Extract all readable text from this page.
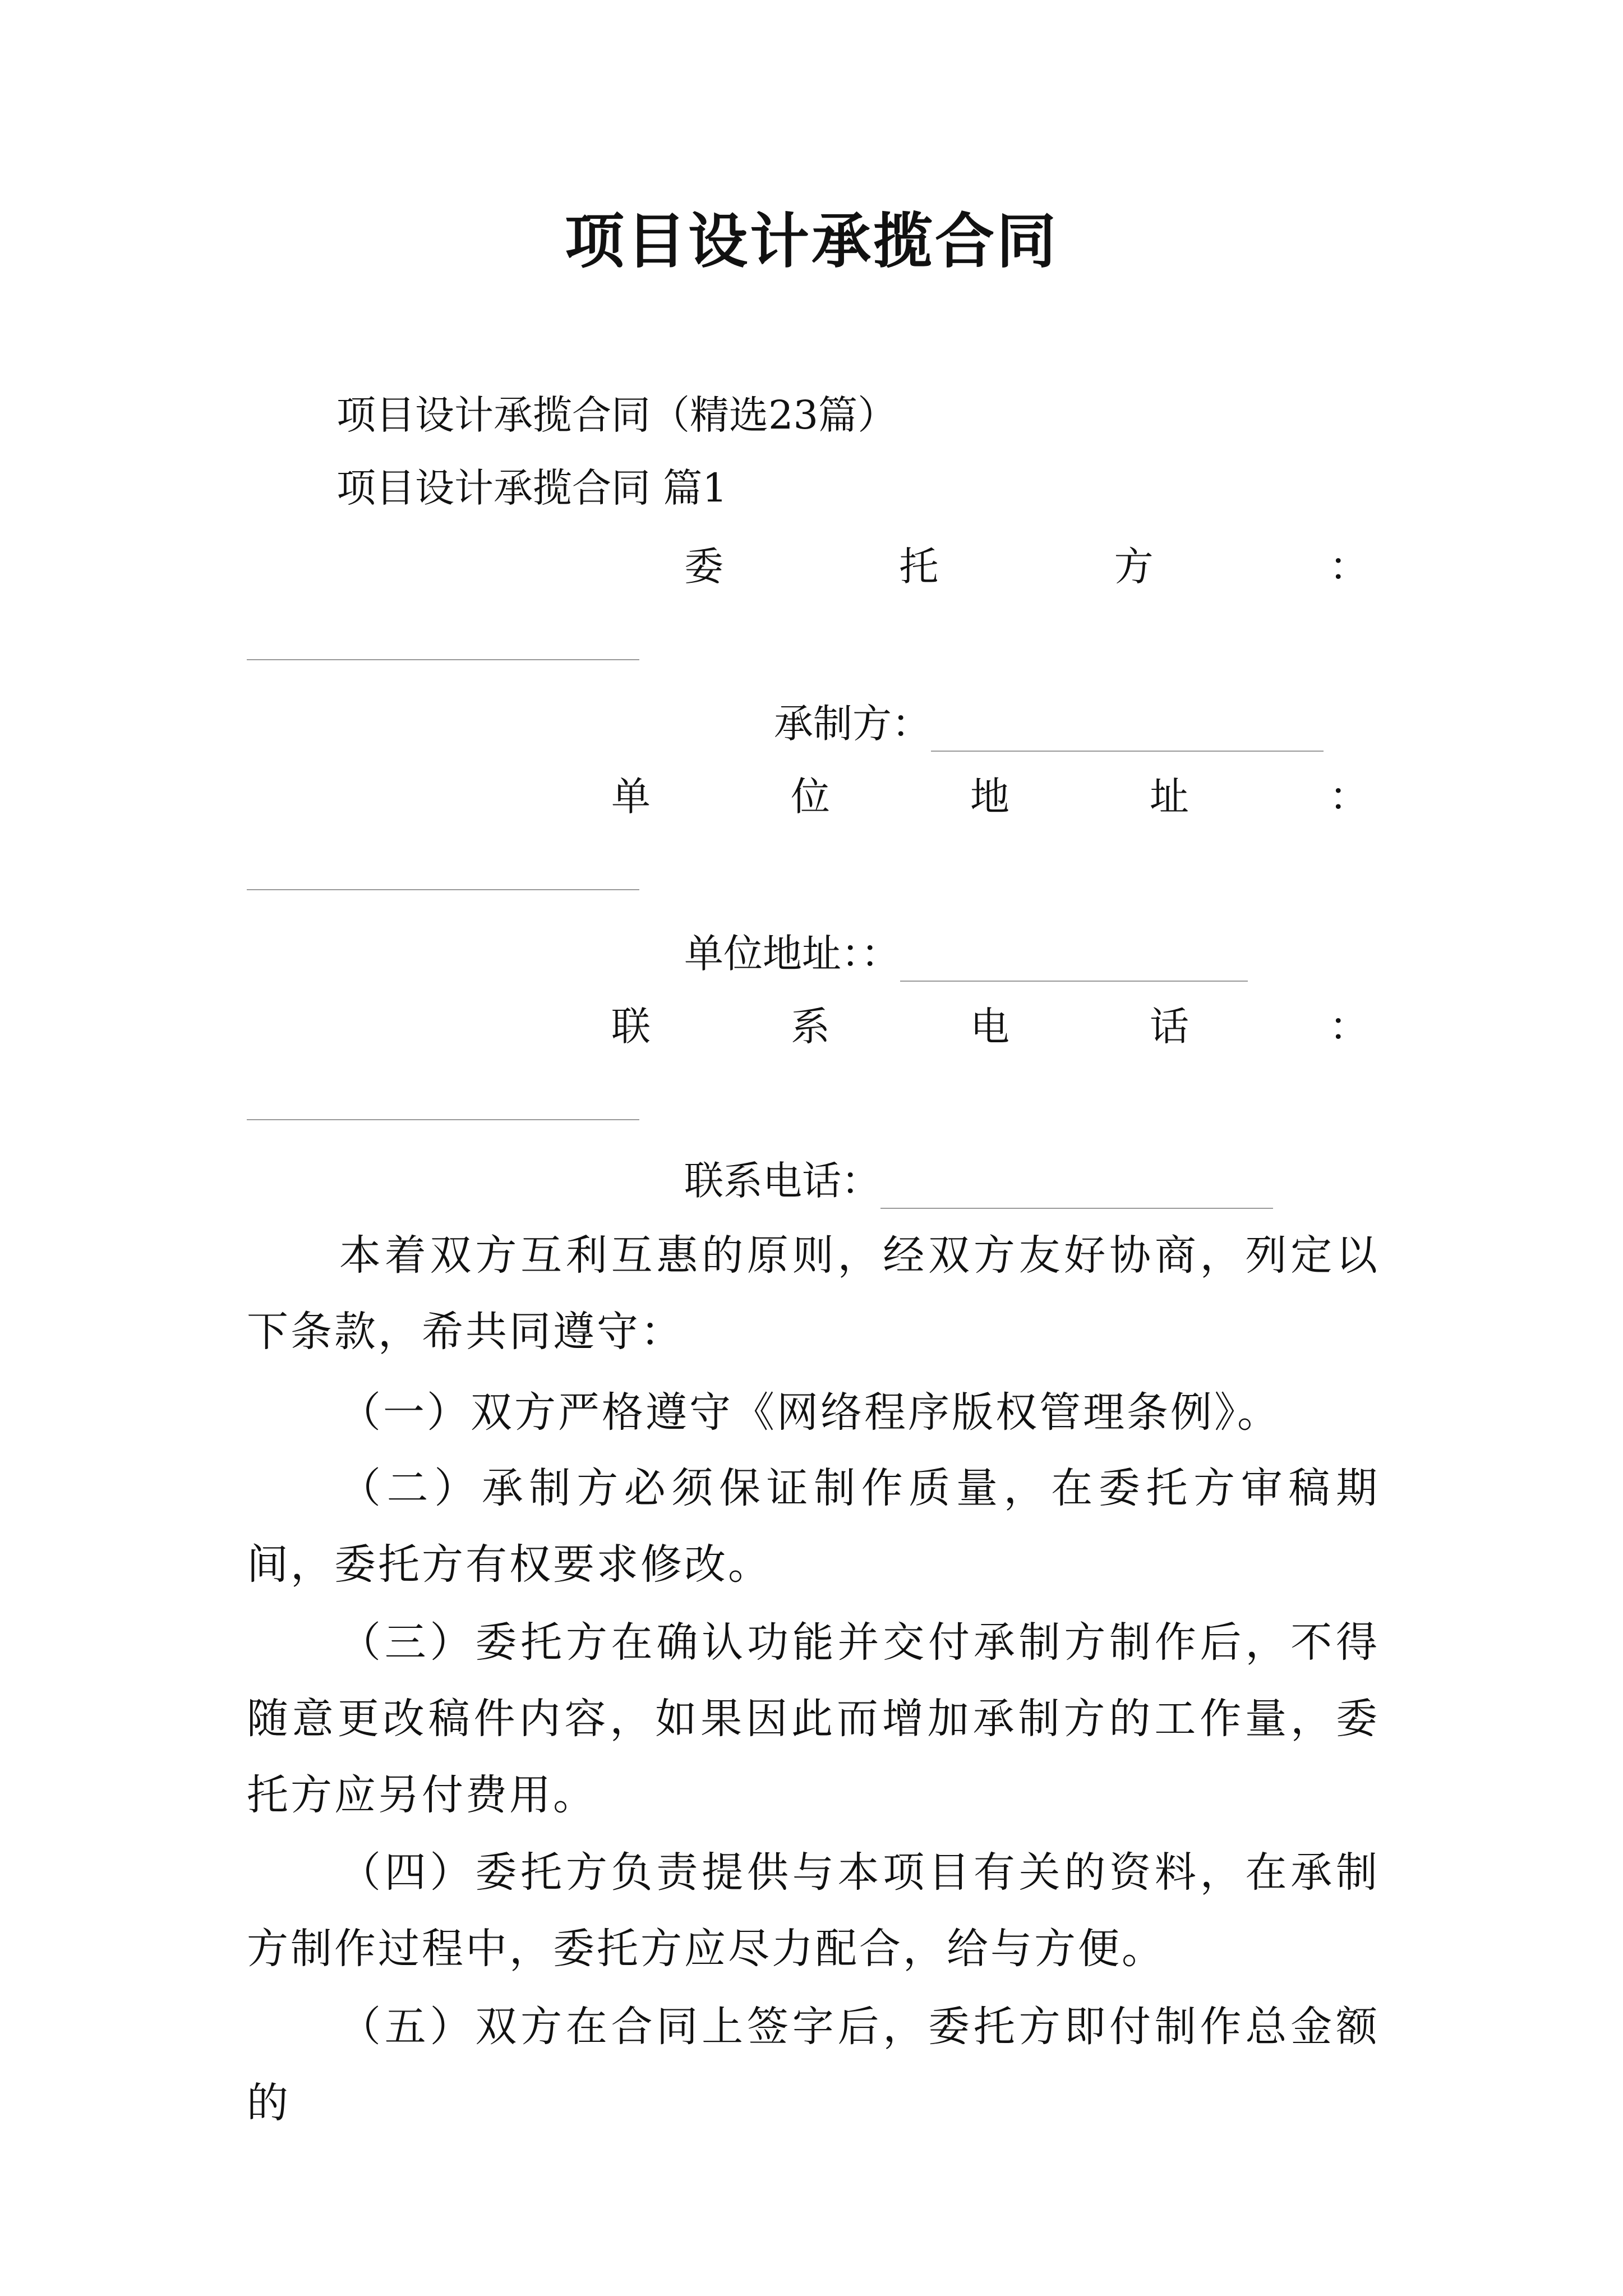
项目设计承揽合同
项目设计承揽合同（精选23篇）
项目设计承揽合同 篇1
委	托	方	：
承制方：
单	位	地	址	：
单位地址：：
联	系	电	话	：
联系电话：
本着双方互利互惠的原则，经双方友好协商，列定以下条款，希共同遵守：
（一）双方严格遵守《网络程序版权管理条例》。
（二）承制方必须保证制作质量，在委托方审稿期间，委托方有权要求修改。
（三）委托方在确认功能并交付承制方制作后，不得随意更改稿件内容，如果因此而增加承制方的工作量，委托方应另付费用。
（四）委托方负责提供与本项目有关的资料，在承制方制作过程中，委托方应尽力配合，给与方便。
（五）双方在合同上签字后，委托方即付制作总金额的
